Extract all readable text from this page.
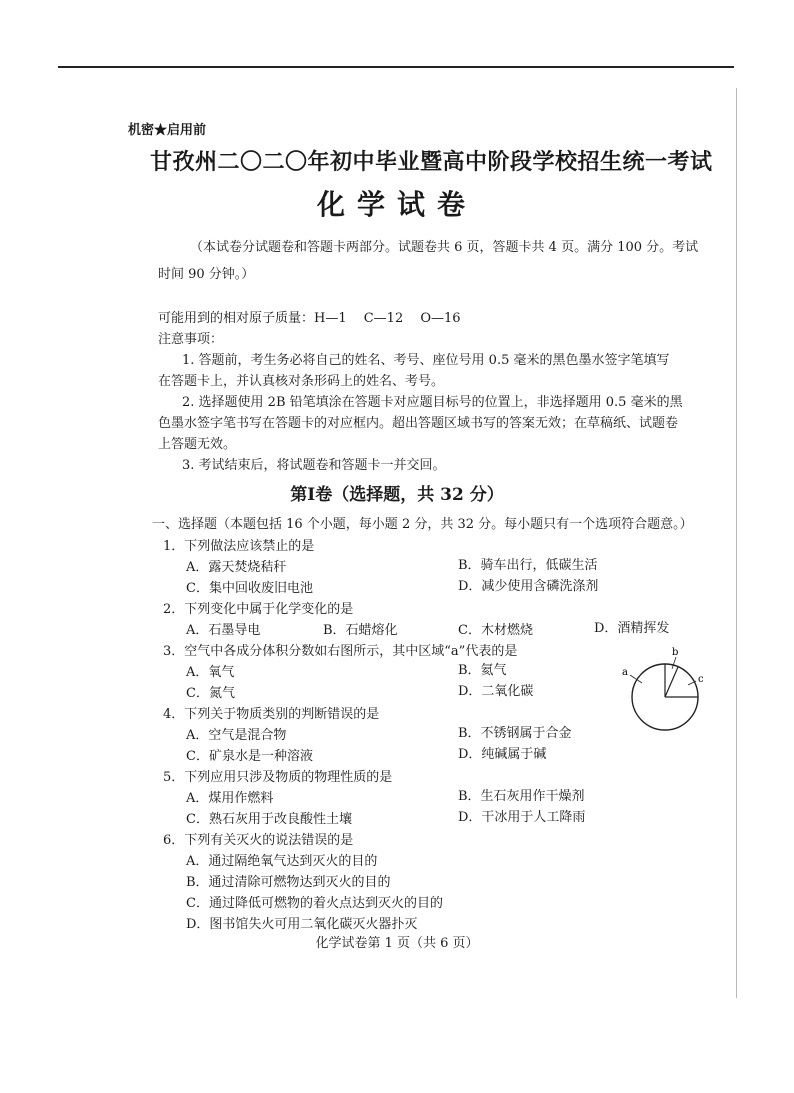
机密★启用前
甘孜州二〇二〇年初中毕业暨高中阶段学校招生统一考试
化学试卷
（本试卷分试题卷和答题卡两部分。试题卷共 6 页，答题卡共 4 页。满分 100 分。考试
时间 90 分钟。）
可能用到的相对原子质量：H—1　 C—12　 O—16
注意事项：
1. 答题前，考生务必将自己的姓名、考号、座位号用 0.5 毫米的黑色墨水签字笔填写
在答题卡上，并认真核对条形码上的姓名、考号。
2. 选择题使用 2B 铅笔填涂在答题卡对应题目标号的位置上，非选择题用 0.5 毫米的黑
色墨水签字笔书写在答题卡的对应框内。超出答题区域书写的答案无效；在草稿纸、试题卷
上答题无效。
3. 考试结束后，将试题卷和答题卡一并交回。
第Ⅰ卷（选择题，共 32 分）
一、选择题（本题包括 16 个小题，每小题 2 分，共 32 分。每小题只有一个选项符合题意。）
1．下列做法应该禁止的是
A．露天焚烧秸秆	B．骑车出行，低碳生活
C．集中回收废旧电池	D．减少使用含磷洗涤剂
2．下列变化中属于化学变化的是
A．石墨导电	B．石蜡熔化	C．木材燃烧	D．酒精挥发
3．空气中各成分体积分数如右图所示，其中区域“a”代表的是
A．氧气	B．氦气
C．氮气	D．二氧化碳
a
b
c
4．下列关于物质类别的判断错误的是
A．空气是混合物	B．不锈钢属于合金
C．矿泉水是一种溶液	D．纯碱属于碱
5．下列应用只涉及物质的物理性质的是
A．煤用作燃料	B．生石灰用作干燥剂
C．熟石灰用于改良酸性土壤	D．干冰用于人工降雨
6．下列有关灭火的说法错误的是
A．通过隔绝氧气达到灭火的目的
B．通过清除可燃物达到灭火的目的
C．通过降低可燃物的着火点达到灭火的目的
D．图书馆失火可用二氧化碳灭火器扑灭
化学试卷第 1 页（共 6 页）
